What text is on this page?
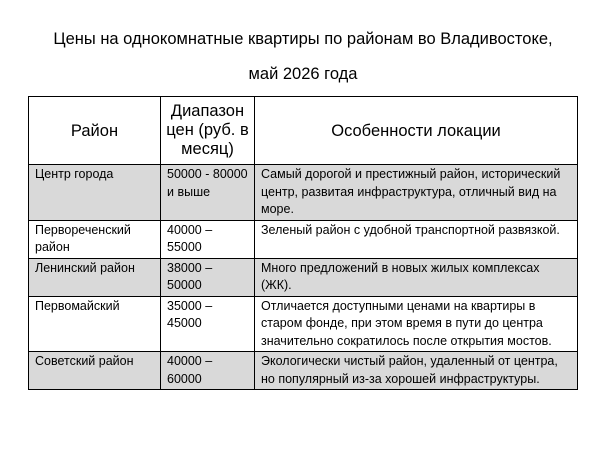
Цены на однокомнатные квартиры по районам во Владивостоке,
май 2026 года
Район	Диапазон цен (руб. в месяц)	Особенности локации
Центр города	50000 - 80000 и выше	Самый дорогой и престижный район, исторический центр, развитая инфраструктура, отличный вид на море.
Первореченский район	40000 – 55000	Зеленый район с удобной транспортной развязкой.
Ленинский район	38000 – 50000	Много предложений в новых жилых комплексах (ЖК).
Первомайский	35000 – 45000	Отличается доступными ценами на квартиры в старом фонде, при этом время в пути до центра значительно сократилось после открытия мостов.
Советский район	40000 – 60000	Экологически чистый район, удаленный от центра, но популярный из-за хорошей инфраструктуры.
